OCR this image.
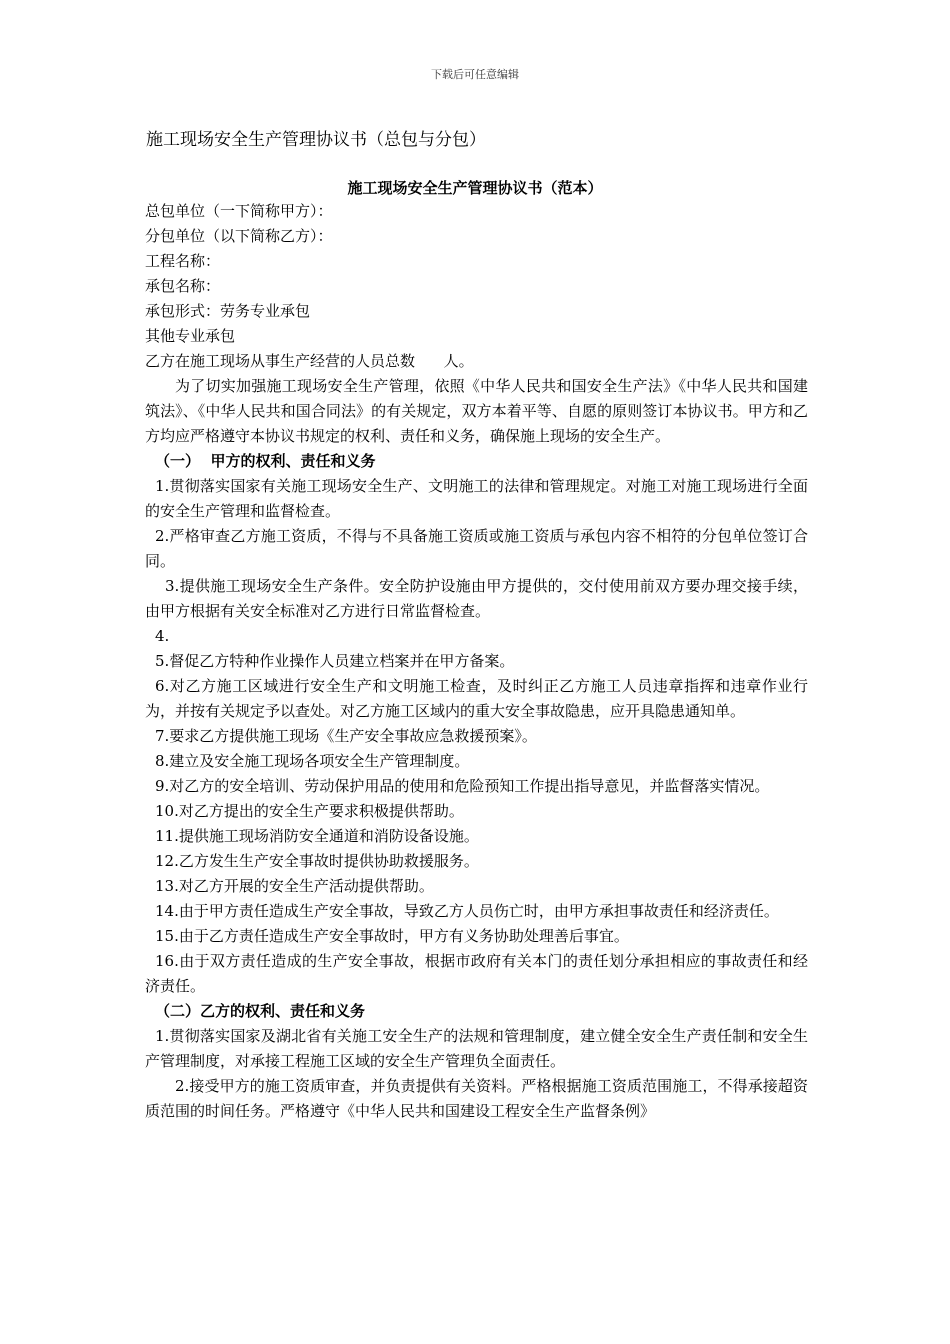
下载后可任意编辑
施工现场安全生产管理协议书（总包与分包）
施工现场安全生产管理协议书（范本）

总包单位（一下简称甲方）：

分包单位（以下简称乙方）：

工程名称：

承包名称：

承包形式：劳务专业承包

其他专业承包

乙方在施工现场从事生产经营的人员总数      人。

为了切实加强施工现场安全生产管理，依照《中华人民共和国安全生产法》《中华人民共和国建筑法》、《中华人民共和国合同法》的有关规定，双方本着平等、自愿的原则签订本协议书。甲方和乙方均应严格遵守本协议书规定的权利、责任和义务，确保施上现场的安全生产。

（一）  甲方的权利、责任和义务

1.贯彻落实国家有关施工现场安全生产、文明施工的法律和管理规定。对施工对施工现场进行全面的安全生产管理和监督检查。

2.严格审查乙方施工资质，不得与不具备施工资质或施工资质与承包内容不相符的分包单位签订合同。

3.提供施工现场安全生产条件。安全防护设施由甲方提供的，交付使用前双方要办理交接手续，由甲方根据有关安全标准对乙方进行日常监督检查。

4.

5.督促乙方特种作业操作人员建立档案并在甲方备案。

6.对乙方施工区域进行安全生产和文明施工检查，及时纠正乙方施工人员违章指挥和违章作业行为，并按有关规定予以查处。对乙方施工区域内的重大安全事故隐患，应开具隐患通知单。

7.要求乙方提供施工现场《生产安全事故应急救援预案》。

8.建立及安全施工现场各项安全生产管理制度。

9.对乙方的安全培训、劳动保护用品的使用和危险预知工作提出指导意见，并监督落实情况。

10.对乙方提出的安全生产要求积极提供帮助。

11.提供施工现场消防安全通道和消防设备设施。

12.乙方发生生产安全事故时提供协助救援服务。

13.对乙方开展的安全生产活动提供帮助。

14.由于甲方责任造成生产安全事故，导致乙方人员伤亡时，由甲方承担事故责任和经济责任。

15.由于乙方责任造成生产安全事故时，甲方有义务协助处理善后事宜。

16.由于双方责任造成的生产安全事故，根据市政府有关本门的责任划分承担相应的事故责任和经济责任。

（二）乙方的权利、责任和义务

1.贯彻落实国家及湖北省有关施工安全生产的法规和管理制度，建立健全安全生产责任制和安全生产管理制度，对承接工程施工区域的安全生产管理负全面责任。

2.接受甲方的施工资质审查，并负责提供有关资料。严格根据施工资质范围施工，不得承接超资质范围的时间任务。严格遵守《中华人民共和国建设工程安全生产监督条例》
